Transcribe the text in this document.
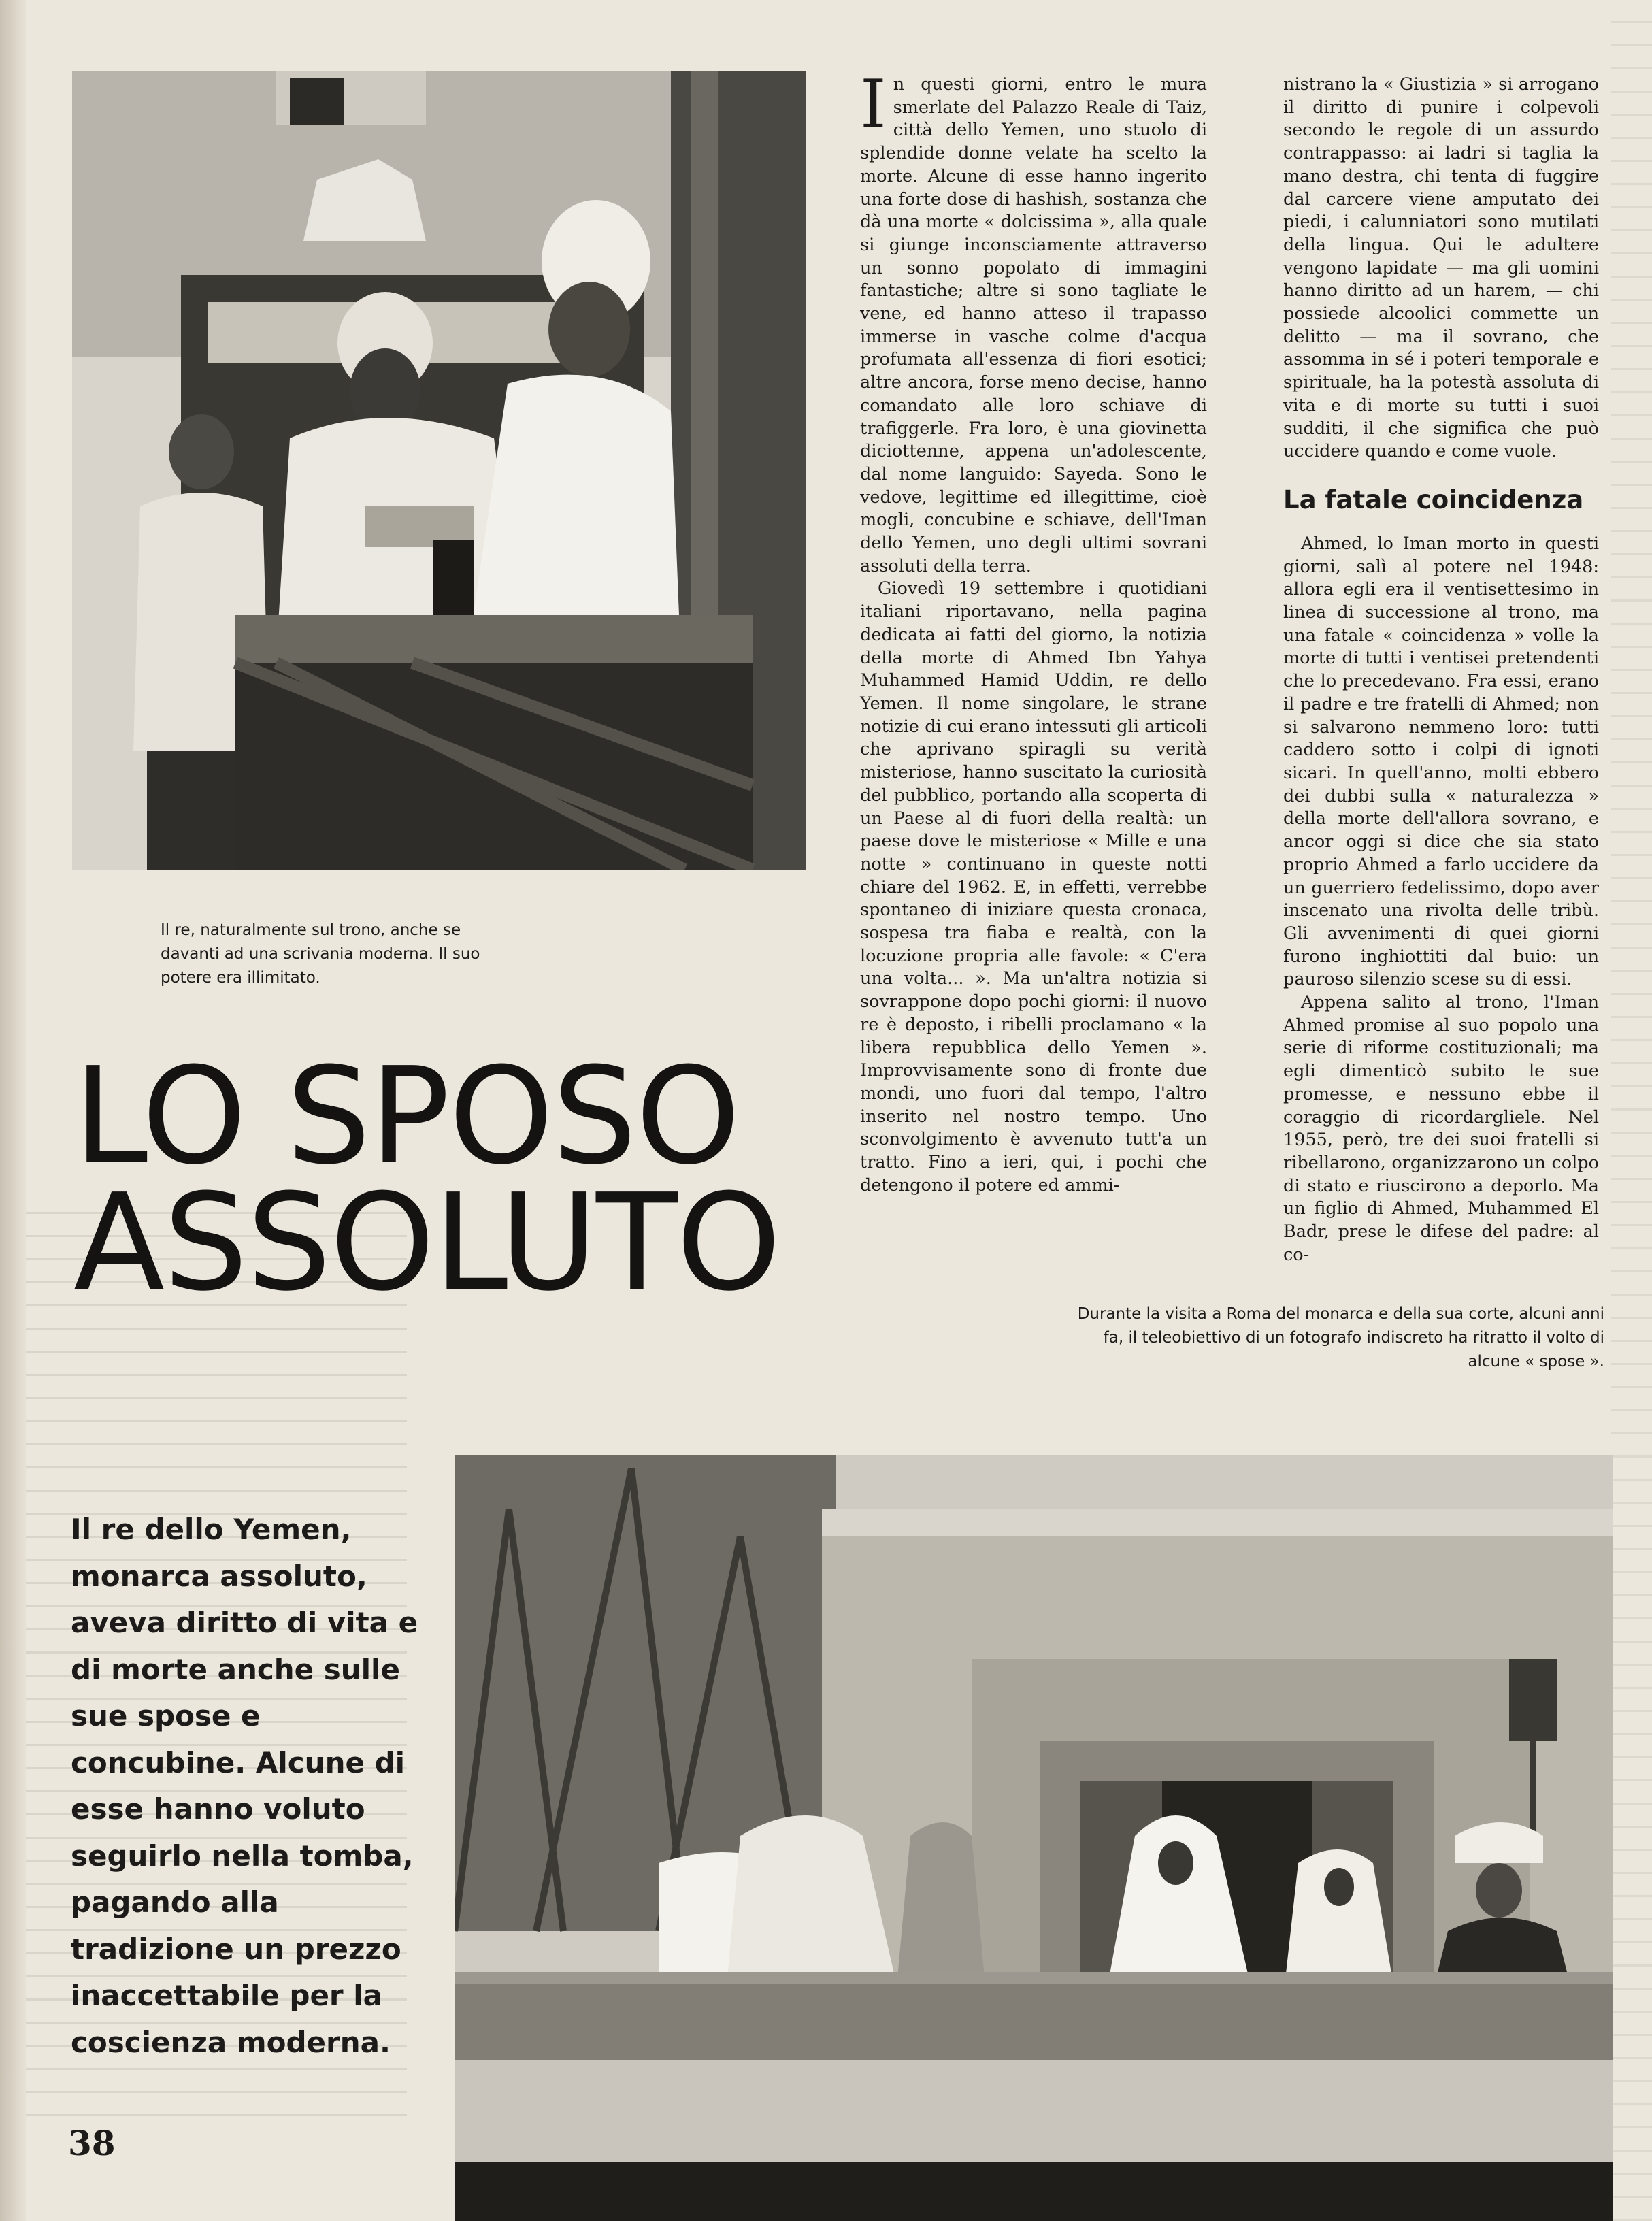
Il re, naturalmente sul trono, anche se davanti ad una scrivania moderna. Il suo potere era illimitato.
LO SPOSO
ASSOLUTO

Il re dello Yemen, monarca assoluto, aveva diritto di vita e di morte anche sulle sue spose e concubine. Alcune di esse hanno voluto seguirlo nella tomba, pagando alla tradizione un prezzo inaccettabile per la coscienza moderna.

In questi giorni, entro le mura smerlate del Palazzo Reale di Taiz, città dello Yemen, uno stuolo di splendide donne velate ha scelto la morte. Alcune di esse hanno ingerito una forte dose di hashish, sostanza che dà una morte « dolcissima », alla quale si giunge inconsciamente attraverso un sonno popolato di immagini fantastiche; altre si sono tagliate le vene, ed hanno atteso il trapasso immerse in vasche colme d'acqua profumata all'essenza di fiori esotici; altre ancora, forse meno decise, hanno comandato alle loro schiave di trafiggerle. Fra loro, è una giovinetta diciottenne, appena un'adolescente, dal nome languido: Sayeda. Sono le vedove, legittime ed illegittime, cioè mogli, concubine e schiave, dell'Iman dello Yemen, uno degli ultimi sovrani assoluti della terra.

Giovedì 19 settembre i quotidiani italiani riportavano, nella pagina dedicata ai fatti del giorno, la notizia della morte di Ahmed Ibn Yahya Muhammed Hamid Uddin, re dello Yemen. Il nome singolare, le strane notizie di cui erano intessuti gli articoli che aprivano spiragli su verità misteriose, hanno suscitato la curiosità del pubblico, portando alla scoperta di un Paese al di fuori della realtà: un paese dove le misteriose « Mille e una notte » continuano in queste notti chiare del 1962. E, in effetti, verrebbe spontaneo di iniziare questa cronaca, sospesa tra fiaba e realtà, con la locuzione propria alle favole: « C'era una volta... ». Ma un'altra notizia si sovrappone dopo pochi giorni: il nuovo re è deposto, i ribelli proclamano « la libera repubblica dello Yemen ». Improvvisamente sono di fronte due mondi, uno fuori dal tempo, l'altro inserito nel nostro tempo. Uno sconvolgimento è avvenuto tutt'a un tratto. Fino a ieri, qui, i pochi che detengono il potere ed ammi-

nistrano la « Giustizia » si arrogano il diritto di punire i colpevoli secondo le regole di un assurdo contrappasso: ai ladri si taglia la mano destra, chi tenta di fuggire dal carcere viene amputato dei piedi, i calunniatori sono mutilati della lingua. Qui le adultere vengono lapidate — ma gli uomini hanno diritto ad un harem, — chi possiede alcoolici commette un delitto — ma il sovrano, che assomma in sé i poteri temporale e spirituale, ha la potestà assoluta di vita e di morte su tutti i suoi sudditi, il che significa che può uccidere quando e come vuole.

La fatale coincidenza

Ahmed, lo Iman morto in questi giorni, salì al potere nel 1948: allora egli era il ventisettesimo in linea di successione al trono, ma una fatale « coincidenza » volle la morte di tutti i ventisei pretendenti che lo precedevano. Fra essi, erano il padre e tre fratelli di Ahmed; non si salvarono nemmeno loro: tutti caddero sotto i colpi di ignoti sicari. In quell'anno, molti ebbero dei dubbi sulla « naturalezza » della morte dell'allora sovrano, e ancor oggi si dice che sia stato proprio Ahmed a farlo uccidere da un guerriero fedelissimo, dopo aver inscenato una rivolta delle tribù. Gli avvenimenti di quei giorni furono inghiottiti dal buio: un pauroso silenzio scese su di essi.

Appena salito al trono, l'Iman Ahmed promise al suo popolo una serie di riforme costituzionali; ma egli dimenticò subito le sue promesse, e nessuno ebbe il coraggio di ricordargliele. Nel 1955, però, tre dei suoi fratelli si ribellarono, organizzarono un colpo di stato e riuscirono a deporlo. Ma un figlio di Ahmed, Muhammed El Badr, prese le difese del padre: al co-

Durante la visita a Roma del monarca e della sua corte, alcuni anni fa, il teleobiettivo di un fotografo indiscreto ha ritratto il volto di alcune « spose ».
38
